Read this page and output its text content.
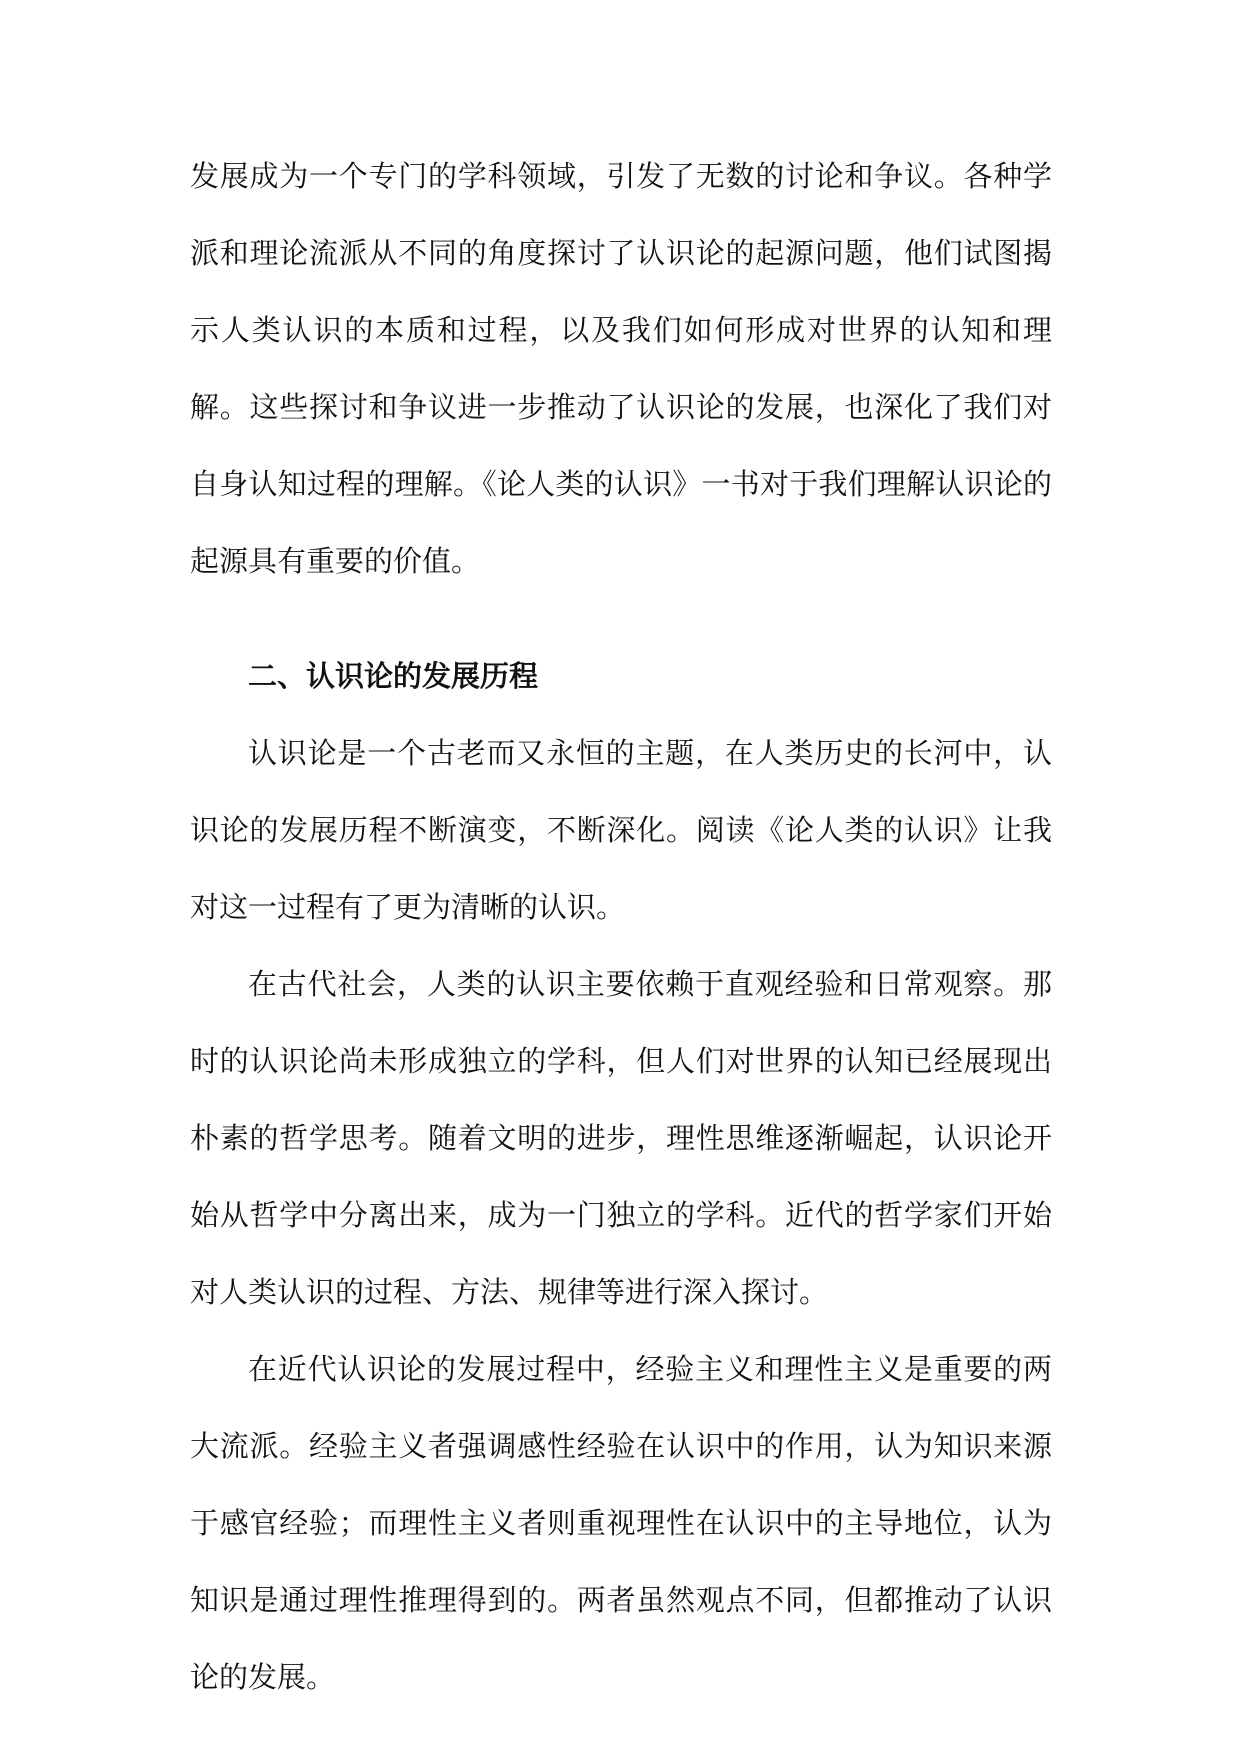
发展成为一个专门的学科领域，引发了无数的讨论和争议。各种学派和理论流派从不同的角度探讨了认识论的起源问题，他们试图揭示人类认识的本质和过程，以及我们如何形成对世界的认知和理解。这些探讨和争议进一步推动了认识论的发展，也深化了我们对自身认知过程的理解。《论人类的认识》一书对于我们理解认识论的起源具有重要的价值。

二、认识论的发展历程

认识论是一个古老而又永恒的主题，在人类历史的长河中，认识论的发展历程不断演变，不断深化。阅读《论人类的认识》让我对这一过程有了更为清晰的认识。

在古代社会，人类的认识主要依赖于直观经验和日常观察。那时的认识论尚未形成独立的学科，但人们对世界的认知已经展现出朴素的哲学思考。随着文明的进步，理性思维逐渐崛起，认识论开始从哲学中分离出来，成为一门独立的学科。近代的哲学家们开始对人类认识的过程、方法、规律等进行深入探讨。

在近代认识论的发展过程中，经验主义和理性主义是重要的两大流派。经验主义者强调感性经验在认识中的作用，认为知识来源于感官经验；而理性主义者则重视理性在认识中的主导地位，认为知识是通过理性推理得到的。两者虽然观点不同，但都推动了认识论的发展。
